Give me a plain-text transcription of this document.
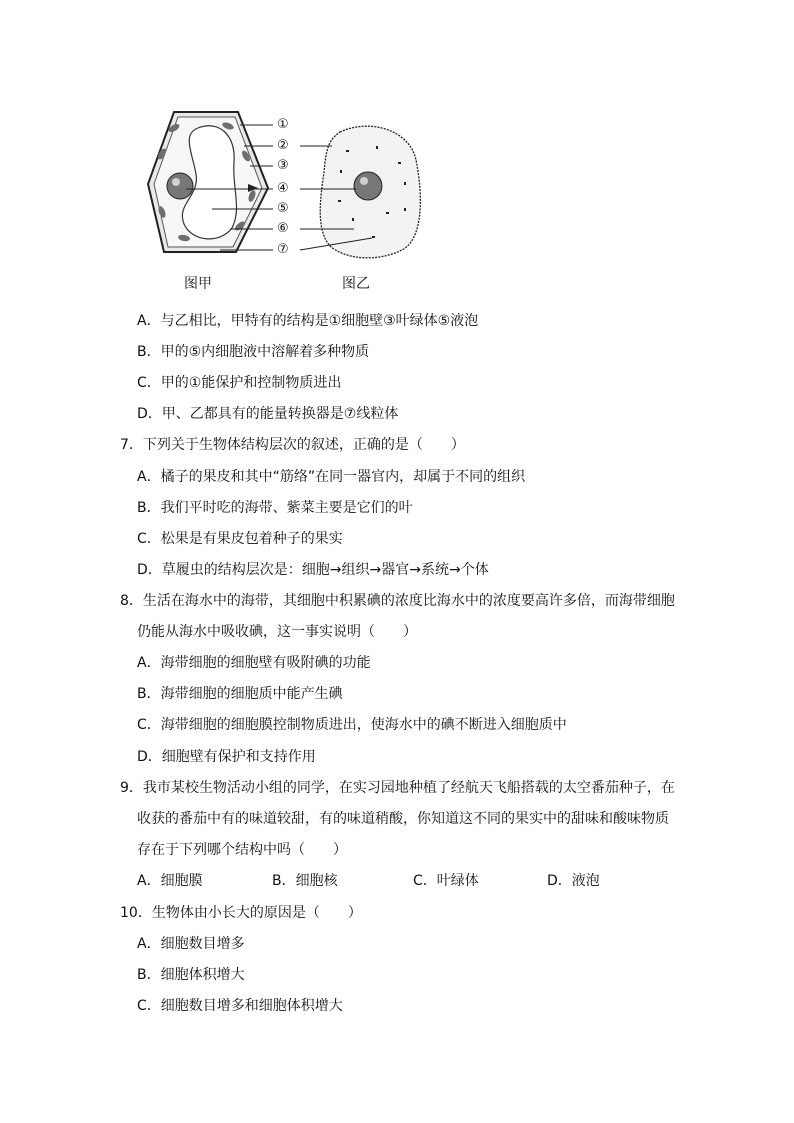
①
②
③
④
⑤
⑥
⑦
图甲	图乙
A．与乙相比，甲特有的结构是①细胞壁③叶绿体⑤液泡
B．甲的⑤内细胞液中溶解着多种物质
C．甲的①能保护和控制物质进出
D．甲、乙都具有的能量转换器是⑦线粒体
7．下列关于生物体结构层次的叙述，正确的是（　　）
A．橘子的果皮和其中“筋络”在同一器官内，却属于不同的组织
B．我们平时吃的海带、紫菜主要是它们的叶
C．松果是有果皮包着种子的果实
D．草履虫的结构层次是：细胞→组织→器官→系统→个体
8．生活在海水中的海带，其细胞中积累碘的浓度比海水中的浓度要高许多倍，而海带细胞
仍能从海水中吸收碘，这一事实说明（　　）
A．海带细胞的细胞壁有吸附碘的功能
B．海带细胞的细胞质中能产生碘
C．海带细胞的细胞膜控制物质进出，使海水中的碘不断进入细胞质中
D．细胞壁有保护和支持作用
9．我市某校生物活动小组的同学，在实习园地种植了经航天飞船搭载的太空番茄种子，在
收获的番茄中有的味道较甜，有的味道稍酸，你知道这不同的果实中的甜味和酸味物质
存在于下列哪个结构中吗（　　）
A．细胞膜	B．细胞核	C．叶绿体	D．液泡
10．生物体由小长大的原因是（　　）
A．细胞数目增多
B．细胞体积增大
C．细胞数目增多和细胞体积增大
